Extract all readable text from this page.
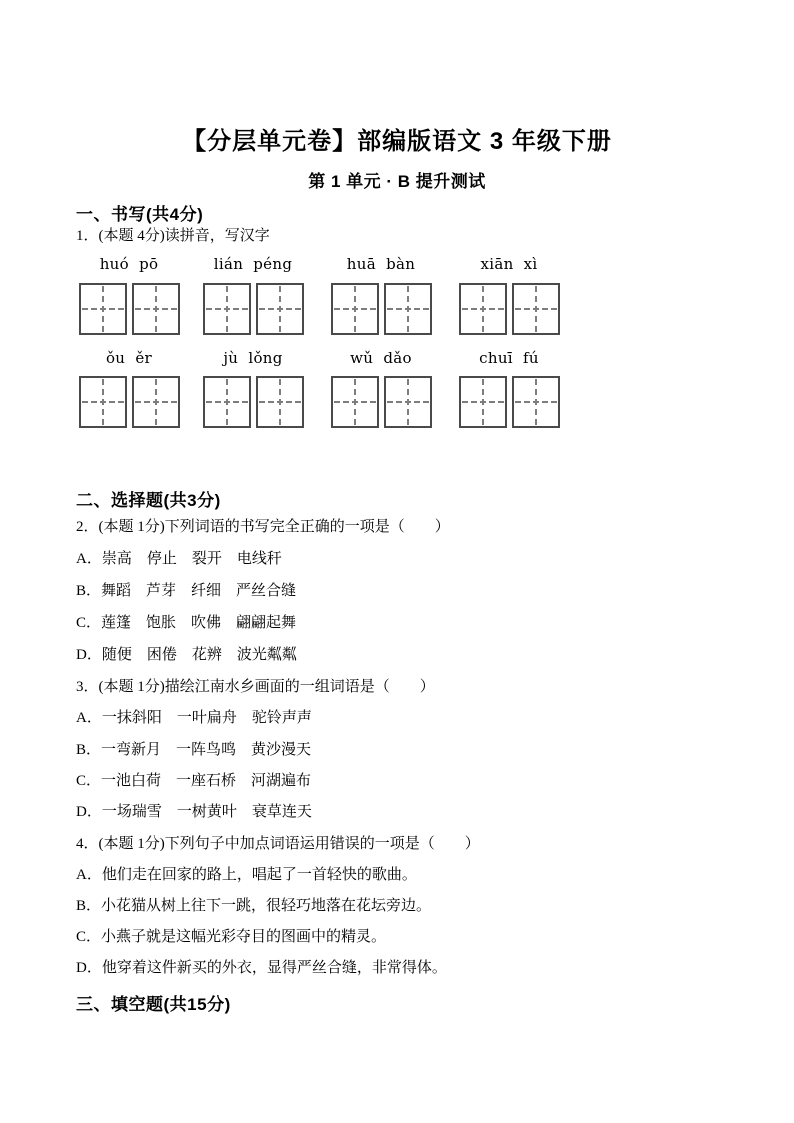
【分层单元卷】部编版语文 3 年级下册
第 1 单元 · B 提升测试
一、书写(共4分)
1．(本题 4分)读拼音，写汉字
huó  pō	lián  péng	huā  bàn	xiān  xì
ǒu  ěr	jù  lǒng	wǔ  dǎo	chuī  fú
二、选择题(共3分)
2．(本题 1分)下列词语的书写完全正确的一项是（　　）
A．崇高　停止　裂开　电线秆
B．舞蹈　芦芽　纤细　严丝合缝
C．莲篷　饱胀　吹佛　翩翩起舞
D．随便　困倦　花辨　波光粼粼
3．(本题 1分)描绘江南水乡画面的一组词语是（　　）
A．一抹斜阳　一叶扁舟　驼铃声声
B．一弯新月　一阵鸟鸣　黄沙漫天
C．一池白荷　一座石桥　河湖遍布
D．一场瑞雪　一树黄叶　衰草连天
4．(本题 1分)下列句子中加点词语运用错误的一项是（　　）
A．他们走在回家的路上，唱起了一首轻快的歌曲。
B．小花猫从树上往下一跳，很轻巧地落在花坛旁边。
C．小燕子就是这幅光彩夺目的图画中的精灵。
D．他穿着这件新买的外衣，显得严丝合缝，非常得体。
三、填空题(共15分)
